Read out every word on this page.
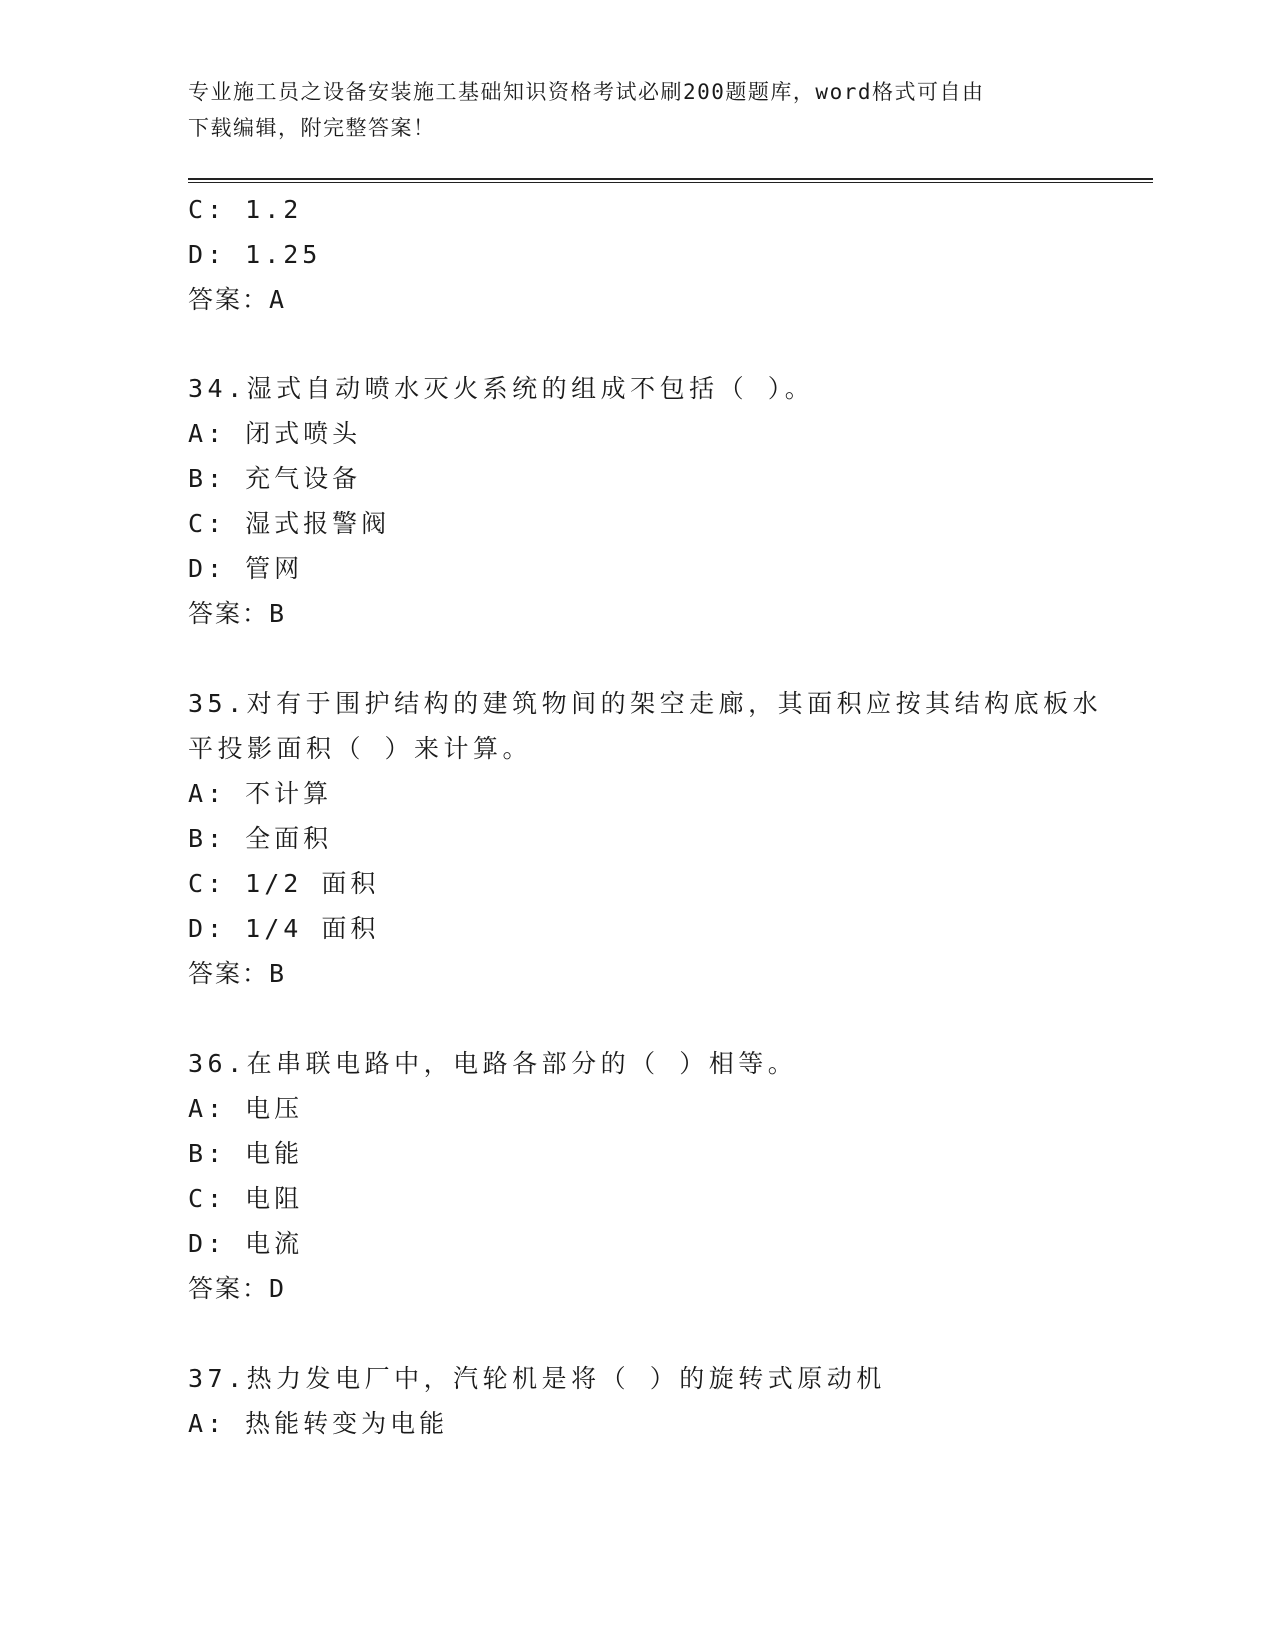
专业施工员之设备安装施工基础知识资格考试必刷200题题库，word格式可自由
下载编辑，附完整答案！
C: 1.2
D: 1.25
答案：A
34.湿式自动喷水灭火系统的组成不包括（ ）。
A: 闭式喷头
B: 充气设备
C: 湿式报警阀
D: 管网
答案：B
35.对有于围护结构的建筑物间的架空走廊，其面积应按其结构底板水
平投影面积（ ）来计算。
A: 不计算
B: 全面积
C: 1/2 面积
D: 1/4 面积
答案：B
36.在串联电路中，电路各部分的（ ）相等。
A: 电压
B: 电能
C: 电阻
D: 电流
答案：D
37.热力发电厂中，汽轮机是将（ ）的旋转式原动机
A: 热能转变为电能
